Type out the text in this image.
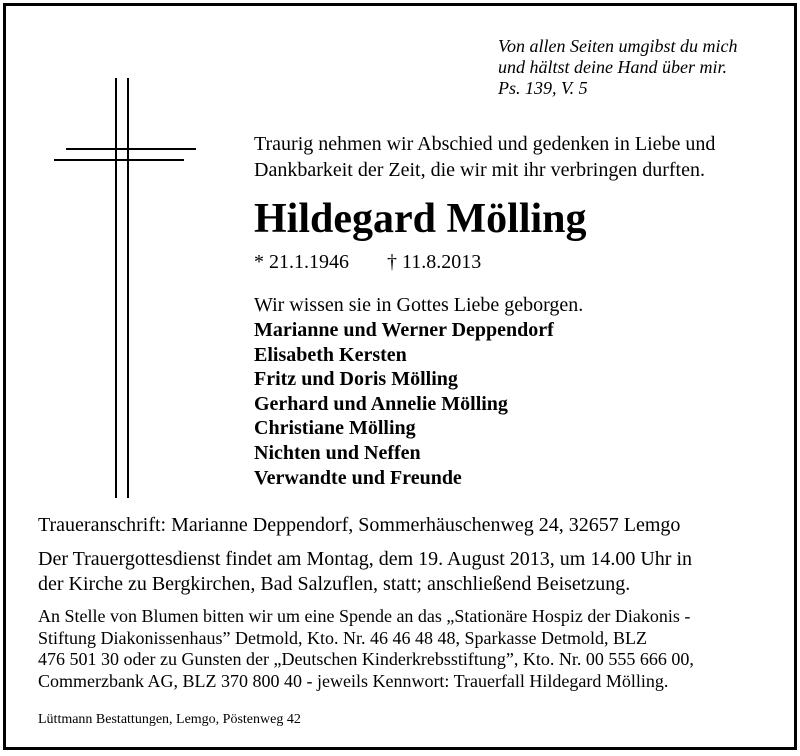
Von allen Seiten umgibst du mich
und hältst deine Hand über mir.
Ps. 139, V. 5
Traurig nehmen wir Abschied und gedenken in Liebe und
Dankbarkeit der Zeit, die wir mit ihr verbringen durften.
Hildegard Mölling
* 21.1.1946 † 11.8.2013
Wir wissen sie in Gottes Liebe geborgen.
Marianne und Werner Deppendorf
Elisabeth Kersten
Fritz und Doris Mölling
Gerhard und Annelie Mölling
Christiane Mölling
Nichten und Neffen
Verwandte und Freunde
Traueranschrift: Marianne Deppendorf, Sommerhäuschenweg 24, 32657 Lemgo
Der Trauergottesdienst findet am Montag, dem 19. August 2013, um 14.00 Uhr in
der Kirche zu Bergkirchen, Bad Salzuflen, statt; anschließend Beisetzung.
An Stelle von Blumen bitten wir um eine Spende an das „Stationäre Hospiz der Diakonis -
Stiftung Diakonissenhaus” Detmold, Kto. Nr. 46 46 48 48, Sparkasse Detmold, BLZ
476 501 30 oder zu Gunsten der „Deutschen Kinderkrebsstiftung”, Kto. Nr. 00 555 666 00,
Commerzbank AG, BLZ 370 800 40 - jeweils Kennwort: Trauerfall Hildegard Mölling.
Lüttmann Bestattungen, Lemgo, Pöstenweg 42
